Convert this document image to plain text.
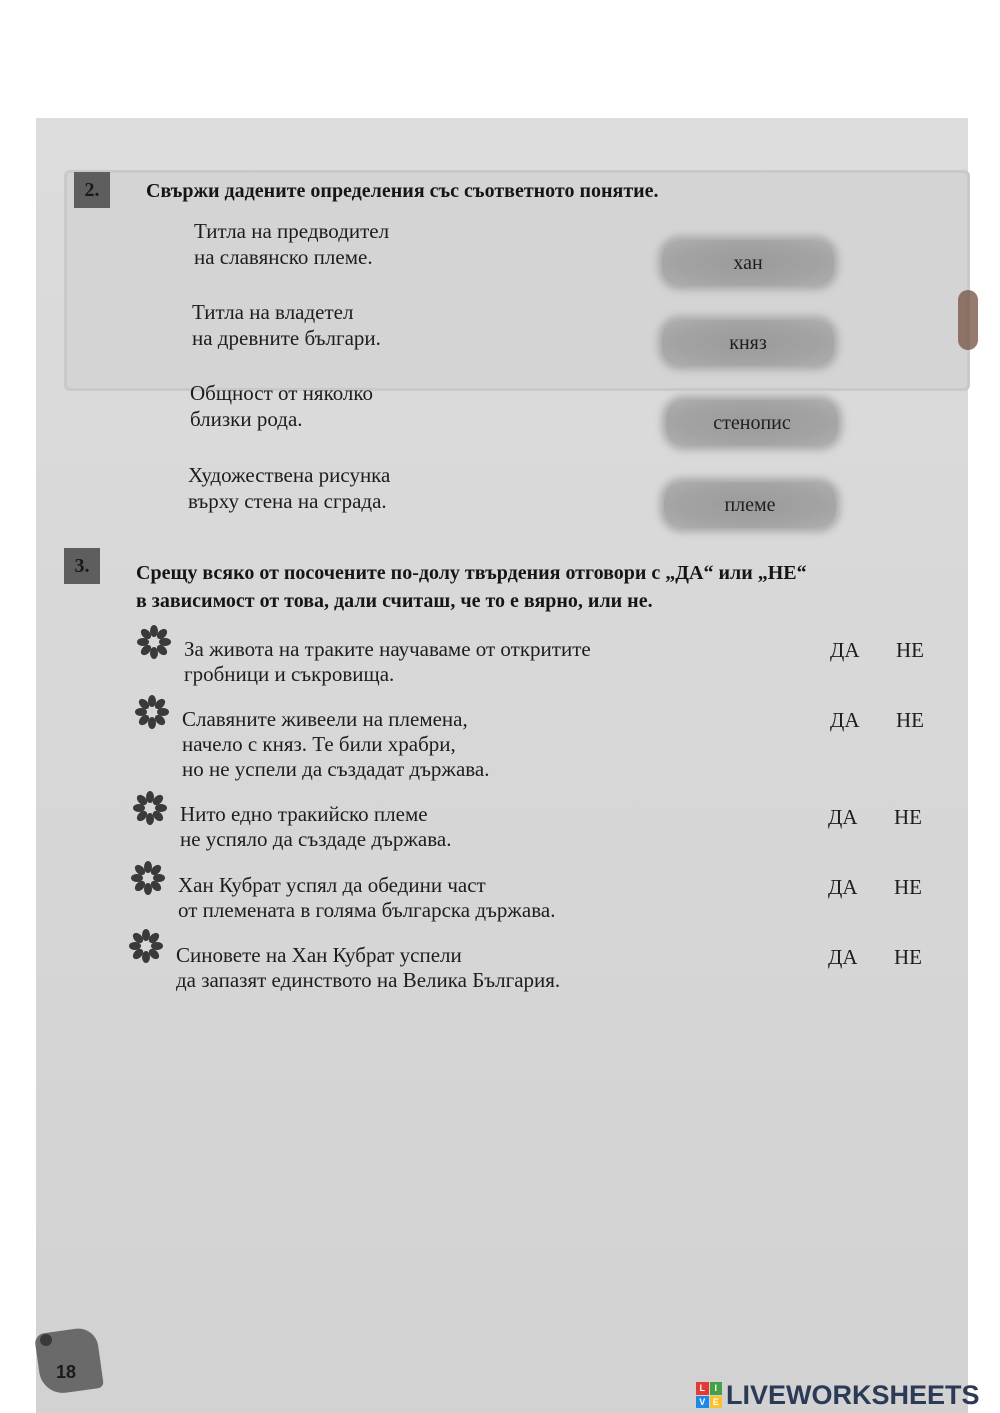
2.	Свържи дадените определения със съответното понятие.
Титла на предводител
на славянско племе.
Титла на владетел
на древните българи.
Общност от няколко
близки рода.
Художествена рисунка
върху стена на сграда.
хан
княз
стенопис
племе
3.	Срещу всяко от посочените по-долу твърдения отговори с „ДА“ или „НЕ“
в зависимост от това, дали считаш, че то е вярно, или не.
За живота на траките научаваме от откритите
гробници и съкровища.
ДА НЕ
Славяните живеели на племена,
начело с княз. Те били храбри,
но не успели да създадат държава.
ДА НЕ
Нито едно тракийско племе
не успяло да създаде държава.
ДА НЕ
Хан Кубрат успял да обедини част
от племената в голяма българска държава.
ДА НЕ
Синовете на Хан Кубрат успели
да запазят единството на Велика България.
ДА НЕ
18
L	I
V E LIVEWORKSHEETS
